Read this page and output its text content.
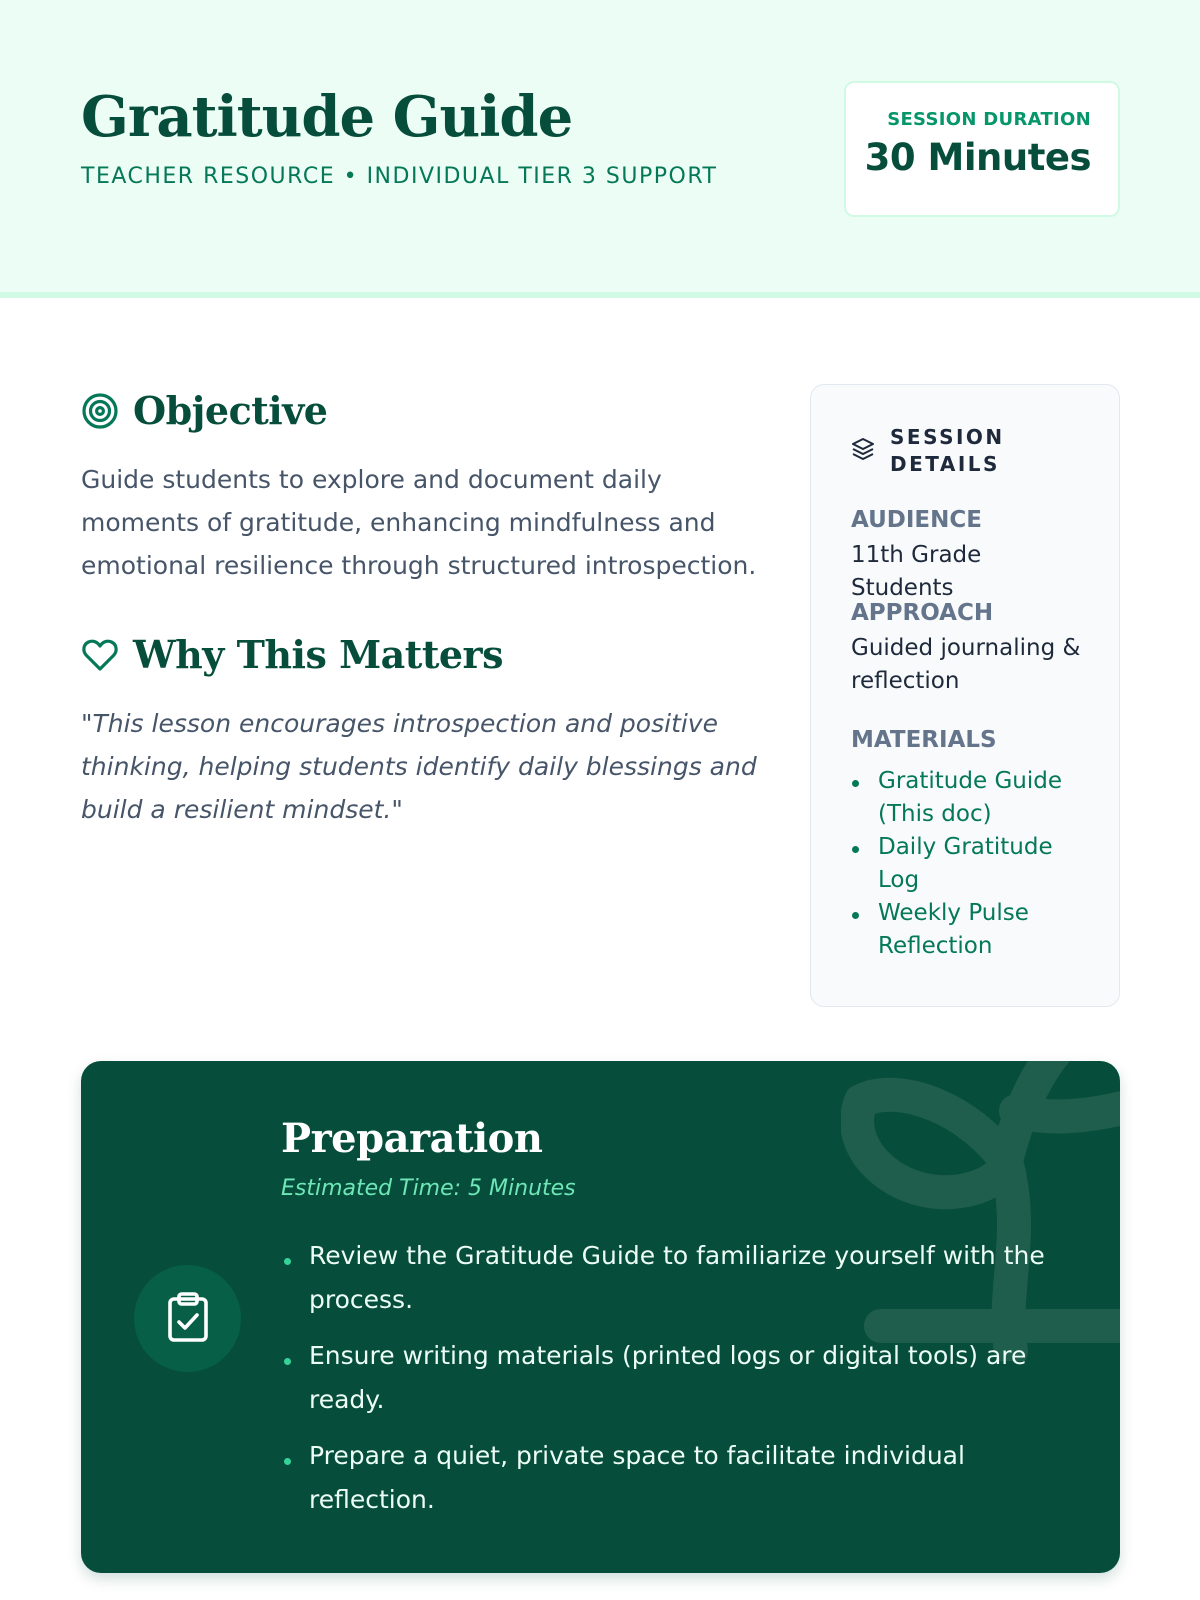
Gratitude Guide
TEACHER RESOURCE • INDIVIDUAL TIER 3 SUPPORT
SESSION DURATION
30 Minutes
Objective

Guide students to explore and document daily moments of gratitude, enhancing mindfulness and emotional resilience through structured introspection.

Why This Matters

"This lesson encourages introspection and positive thinking, helping students identify daily blessings and build a resilient mindset."

SESSION DETAILS
AUDIENCE
11th Grade Students
APPROACH
Guided journaling & reflection
MATERIALS
Gratitude Guide (This doc)
Daily Gratitude Log
Weekly Pulse Reflection
Preparation
Estimated Time: 5 Minutes
Review the Gratitude Guide to familiarize yourself with the process.
Ensure writing materials (printed logs or digital tools) are ready.
Prepare a quiet, private space to facilitate individual reflection.
